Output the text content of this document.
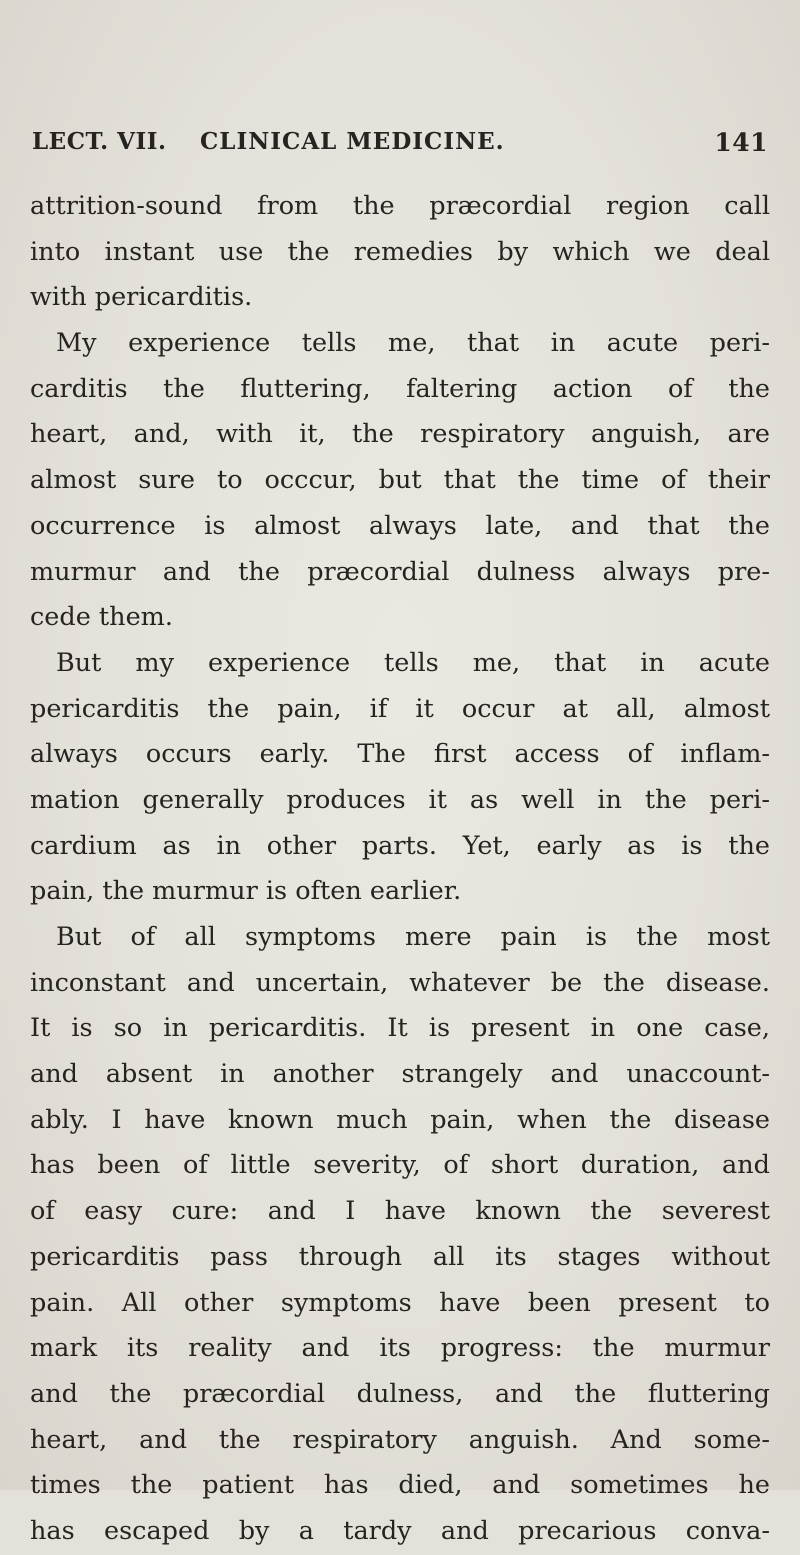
LECT. VII. CLINICAL MEDICINE.	141
attrition-sound from the præcordial region call
into instant use the remedies by which we deal
with pericarditis.
My experience tells me, that in acute peri-
carditis the fluttering, faltering action of the
heart, and, with it, the respiratory anguish, are
almost sure to occcur, but that the time of their
occurrence is almost always late, and that the
murmur and the præcordial dulness always pre-
cede them.
But my experience tells me, that in acute
pericarditis the pain, if it occur at all, almost
always occurs early. The first access of inflam-
mation generally produces it as well in the peri-
cardium as in other parts. Yet, early as is the
pain, the murmur is often earlier.
But of all symptoms mere pain is the most
inconstant and uncertain, whatever be the disease.
It is so in pericarditis. It is present in one case,
and absent in another strangely and unaccount-
ably. I have known much pain, when the disease
has been of little severity, of short duration, and
of easy cure: and I have known the severest
pericarditis pass through all its stages without
pain. All other symptoms have been present to
mark its reality and its progress: the murmur
and the præcordial dulness, and the fluttering
heart, and the respiratory anguish. And some-
times the patient has died, and sometimes he
has escaped by a tardy and precarious conva-
